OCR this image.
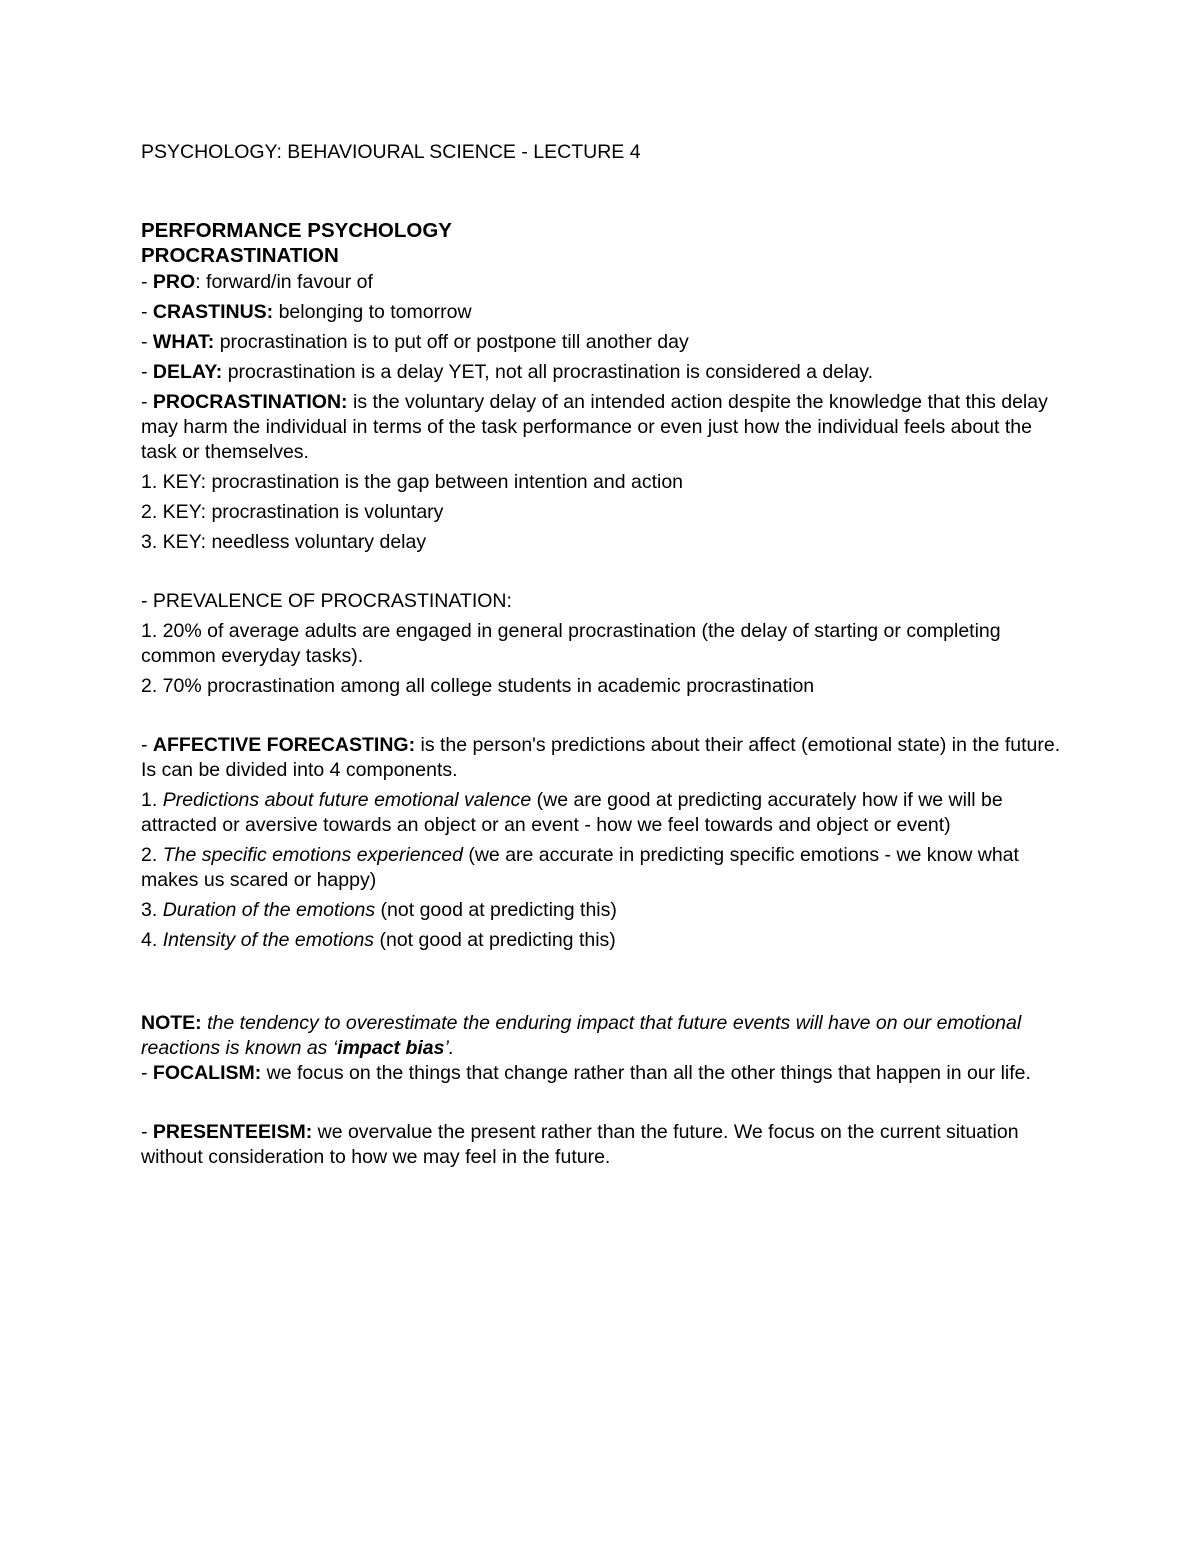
PSYCHOLOGY: BEHAVIOURAL SCIENCE - LECTURE 4

PERFORMANCE PSYCHOLOGY

PROCRASTINATION

- PRO: forward/in favour of

- CRASTINUS: belonging to tomorrow

- WHAT: procrastination is to put off or postpone till another day

- DELAY: procrastination is a delay YET, not all procrastination is considered a delay.

- PROCRASTINATION: is the voluntary delay of an intended action despite the knowledge that this delay may harm the individual in terms of the task performance or even just how the individual feels about the task or themselves.

1. KEY: procrastination is the gap between intention and action

2. KEY: procrastination is voluntary

3. KEY: needless voluntary delay

- PREVALENCE OF PROCRASTINATION:

1. 20% of average adults are engaged in general procrastination (the delay of starting or completing common everyday tasks).

2. 70% procrastination among all college students in academic procrastination

- AFFECTIVE FORECASTING: is the person's predictions about their affect (emotional state) in the future. Is can be divided into 4 components.

1. Predictions about future emotional valence (we are good at predicting accurately how if we will be attracted or aversive towards an object or an event - how we feel towards and object or event)

2. The specific emotions experienced (we are accurate in predicting specific emotions - we know what makes us scared or happy)

3. Duration of the emotions (not good at predicting this)

4. Intensity of the emotions (not good at predicting this)

NOTE: the tendency to overestimate the enduring impact that future events will have on our emotional reactions is known as ‘impact bias’.

- FOCALISM: we focus on the things that change rather than all the other things that happen in our life.

- PRESENTEEISM: we overvalue the present rather than the future. We focus on the current situation without consideration to how we may feel in the future.
